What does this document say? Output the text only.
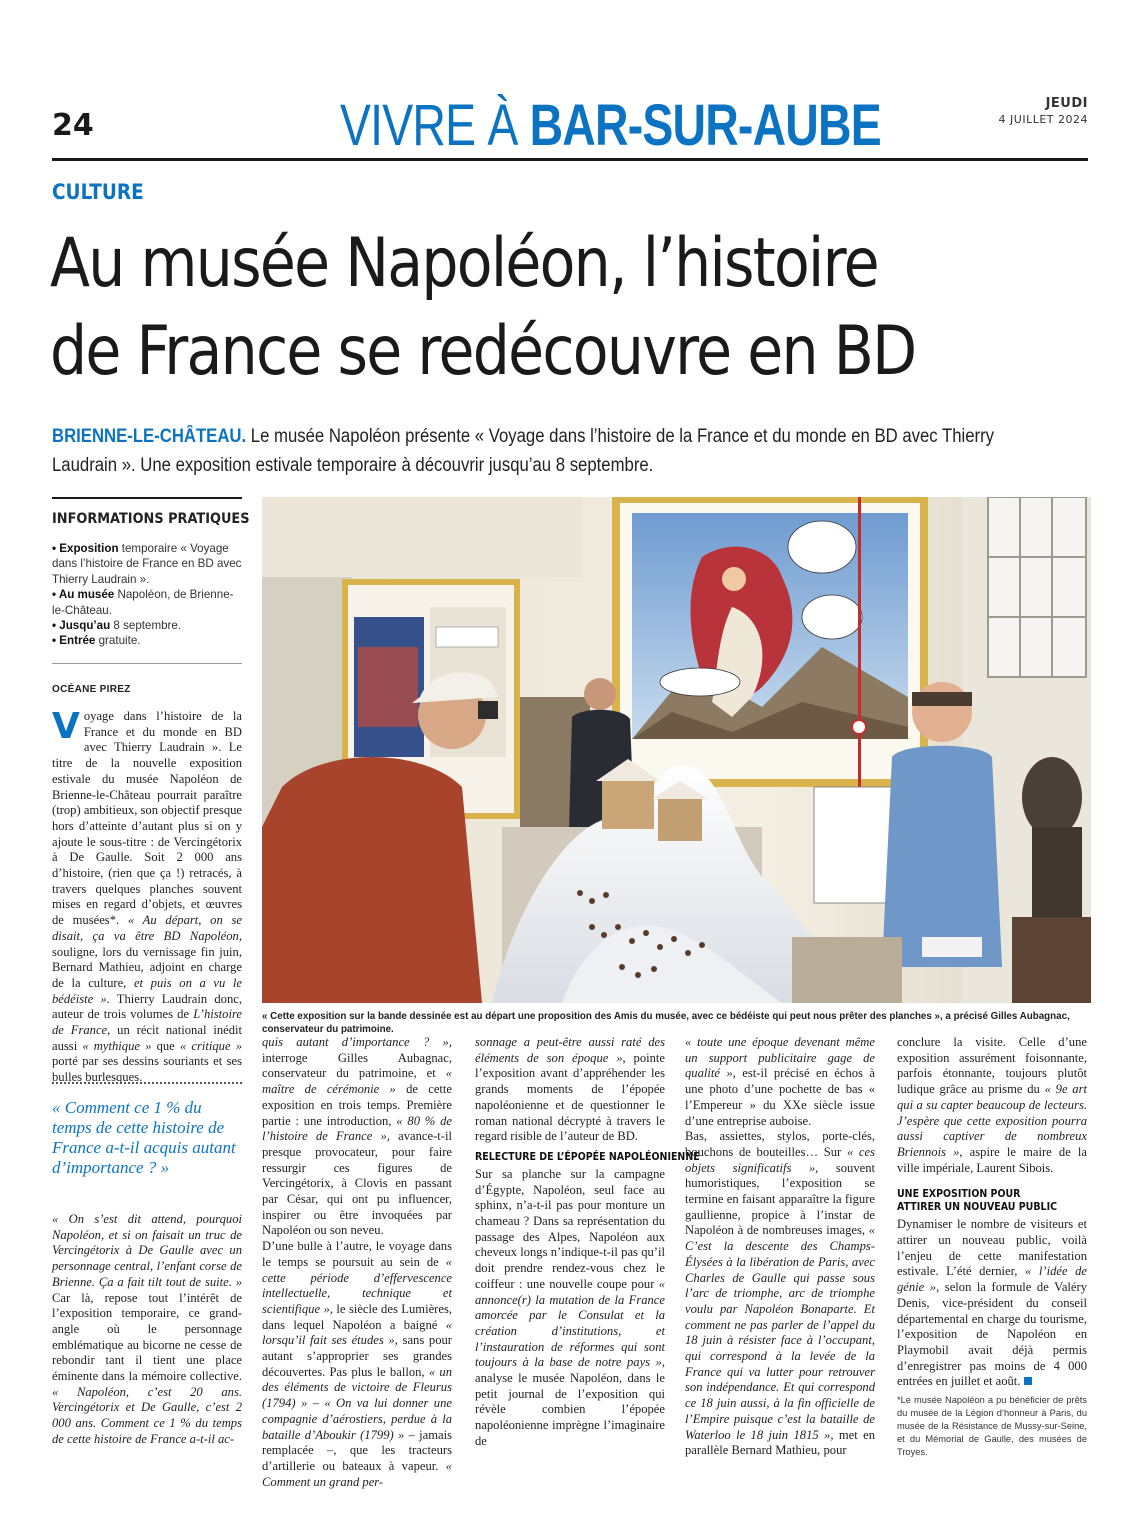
24	VIVRE À BAR-SUR-AUBE	JEUDI
4 JUILLET 2024
CULTURE
Au musée Napoléon, l’histoire
de France se redécouvre en BD

BRIENNE-LE-CHÂTEAU. Le musée Napoléon présente « Voyage dans l’histoire de la France et du monde en BD avec Thierry Laudrain ». Une exposition estivale temporaire à découvrir jusqu’au 8 septembre.

INFORMATIONS PRATIQUES
• Exposition temporaire « Voyage dans l’histoire de France en BD avec Thierry Laudrain ».
• Au musée Napoléon, de Brienne-le-Château.
• Jusqu’au 8 septembre.
• Entrée gratuite.
OCÉANE PIREZ
Voyage dans l’histoire de la France et du monde en BD avec Thierry Laudrain ». Le titre de la nouvelle exposition estivale du musée Napoléon de Brienne-le-Château pourrait paraître (trop) ambitieux, son objectif presque hors d’atteinte d’autant plus si on y ajoute le sous-titre : de Vercingétorix à De Gaulle. Soit 2 000 ans d’histoire, (rien que ça !) retracés, à travers quelques planches souvent mises en regard d’objets, et œuvres de musées*. « Au départ, on se disait, ça va être BD Napoléon, souligne, lors du vernissage fin juin, Bernard Mathieu, adjoint en charge de la culture, et puis on a vu le bédéiste ». Thierry Laudrain donc, auteur de trois volumes de L’histoire de France, un récit national inédit aussi « mythique » que « critique » porté par ses dessins souriants et ses bulles burlesques.
« Comment ce 1 % du temps de cette histoire de France a-t-il acquis autant d’importance ? »
« On s’est dit attend, pourquoi Napoléon, et si on faisait un truc de Vercingétorix à De Gaulle avec un personnage central, l’enfant corse de Brienne. Ça a fait tilt tout de suite. » Car là, repose tout l’intérêt de l’exposition temporaire, ce grand-angle où le personnage emblématique au bicorne ne cesse de rebondir tant il tient une place éminente dans la mémoire collective. « Napoléon, c’est 20 ans. Vercingétorix et De Gaulle, c’est 2 000 ans. Comment ce 1 % du temps de cette histoire de France a-t-il ac-
« Cette exposition sur la bande dessinée est au départ une proposition des Amis du musée, avec ce bédéiste qui peut nous prêter des planches », a précisé Gilles Aubagnac, conservateur du patrimoine.

quis autant d’importance ? », interroge Gilles Aubagnac, conservateur du patrimoine, et « maître de cérémonie » de cette exposition en trois temps. Première partie : une introduction, « 80 % de l’histoire de France », avance-t-il presque provocateur, pour faire ressurgir ces figures de Vercingétorix, à Clovis en passant par César, qui ont pu influencer, inspirer ou être invoquées par Napoléon ou son neveu.

D’une bulle à l’autre, le voyage dans le temps se poursuit au sein de « cette période d’effervescence intellectuelle, technique et scientifique », le siècle des Lumières, dans lequel Napoléon a baigné « lorsqu’il fait ses études », sans pour autant s’approprier ses grandes découvertes. Pas plus le ballon, « un des éléments de victoire de Fleurus (1794) » – « On va lui donner une compagnie d’aérostiers, perdue à la bataille d’Aboukir (1799) » – jamais remplacée –, que les tracteurs d’artillerie ou bateaux à vapeur. « Comment un grand per-

sonnage a peut-être aussi raté des éléments de son époque », pointe l’exposition avant d’appréhender les grands moments de l’épopée napoléonienne et de questionner le roman national décrypté à travers le regard risible de l’auteur de BD.

RELECTURE DE L’ÉPOPÉE NAPOLÉONIENNE

Sur sa planche sur la campagne d’Égypte, Napoléon, seul face au sphinx, n’a-t-il pas pour monture un chameau ? Dans sa représentation du passage des Alpes, Napoléon aux cheveux longs n’indique-t-il pas qu’il doit prendre rendez-vous chez le coiffeur : une nouvelle coupe pour « annonce(r) la mutation de la France amorcée par le Consulat et la création d’institutions, et l’instauration de réformes qui sont toujours à la base de notre pays », analyse le musée Napoléon, dans le petit journal de l’exposition qui révèle combien l’épopée napoléonienne imprègne l’imaginaire de

« toute une époque devenant même un support publicitaire gage de qualité », est-il précisé en échos à une photo d’une pochette de bas « l’Empereur » du XXe siècle issue d’une entreprise auboise.

Bas, assiettes, stylos, porte-clés, bouchons de bouteilles… Sur « ces objets significatifs », souvent humoristiques, l’exposition se termine en faisant apparaître la figure gaullienne, propice à l’instar de Napoléon à de nombreuses images, « C’est la descente des Champs-Élysées à la libération de Paris, avec Charles de Gaulle qui passe sous l’arc de triomphe, arc de triomphe voulu par Napoléon Bonaparte. Et comment ne pas parler de l’appel du 18 juin à résister face à l’occupant, qui correspond à la levée de la France qui va lutter pour retrouver son indépendance. Et qui correspond ce 18 juin aussi, à la fin officielle de l’Empire puisque c’est la bataille de Waterloo le 18 juin 1815 », met en parallèle Bernard Mathieu, pour

conclure la visite. Celle d’une exposition assurément foisonnante, parfois étonnante, toujours plutôt ludique grâce au prisme du « 9e art qui a su capter beaucoup de lecteurs. J’espère que cette exposition pourra aussi captiver de nombreux Briennois », aspire le maire de la ville impériale, Laurent Sibois.

UNE EXPOSITION POUR
ATTIRER UN NOUVEAU PUBLIC

Dynamiser le nombre de visiteurs et attirer un nouveau public, voilà l’enjeu de cette manifestation estivale. L’été dernier, « l’idée de génie », selon la formule de Valéry Denis, vice-président du conseil départemental en charge du tourisme, l’exposition de Napoléon en Playmobil avait déjà permis d’enregistrer pas moins de 4 000 entrées en juillet et août.

*Le musée Napoléon a pu bénéficier de prêts du musée de la Légion d’honneur à Paris, du musée de la Résistance de Mussy-sur-Seine, et du Mémorial de Gaulle, des musées de Troyes.
